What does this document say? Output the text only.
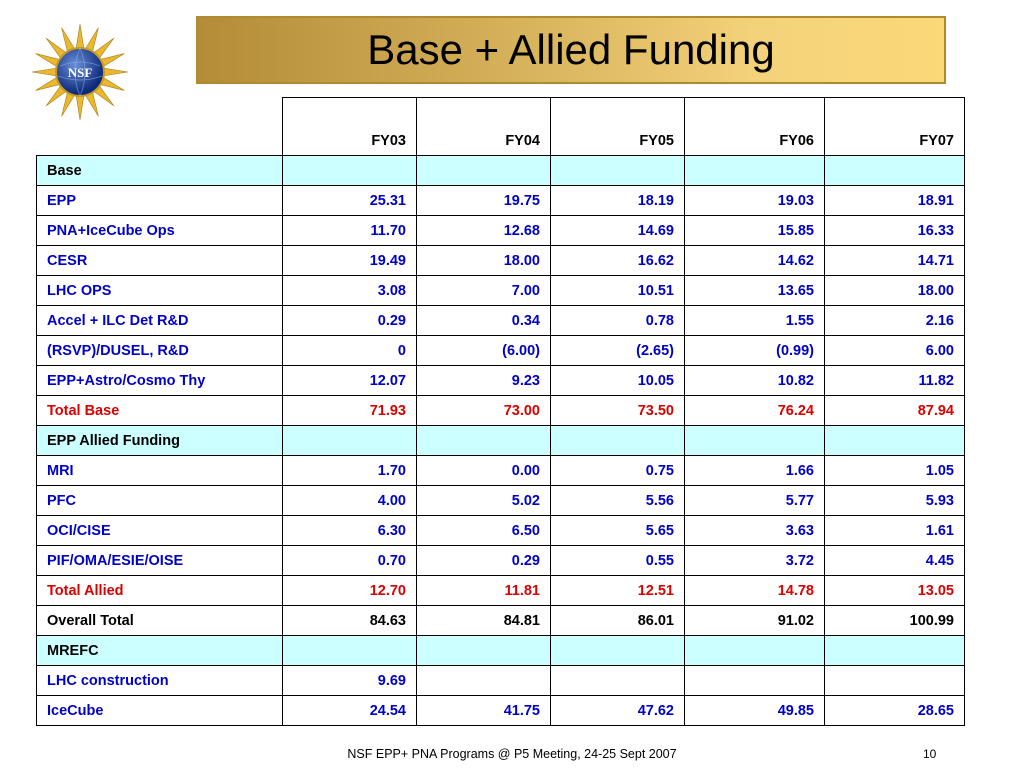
NSF	Base + Allied Funding
	FY03	FY04	FY05	FY06	FY07
Base					
EPP	25.31	19.75	18.19	19.03	18.91
PNA+IceCube Ops	11.70	12.68	14.69	15.85	16.33
CESR	19.49	18.00	16.62	14.62	14.71
LHC OPS	3.08	7.00	10.51	13.65	18.00
Accel + ILC Det R&D	0.29	0.34	0.78	1.55	2.16
(RSVP)/DUSEL, R&D	0	(6.00)	(2.65)	(0.99)	6.00
EPP+Astro/Cosmo Thy	12.07	9.23	10.05	10.82	11.82
Total Base	71.93	73.00	73.50	76.24	87.94
EPP Allied Funding					
MRI	1.70	0.00	0.75	1.66	1.05
PFC	4.00	5.02	5.56	5.77	5.93
OCI/CISE	6.30	6.50	5.65	3.63	1.61
PIF/OMA/ESIE/OISE	0.70	0.29	0.55	3.72	4.45
Total Allied	12.70	11.81	12.51	14.78	13.05
Overall Total	84.63	84.81	86.01	91.02	100.99
MREFC					
LHC construction	9.69				
IceCube	24.54	41.75	47.62	49.85	28.65
NSF EPP+ PNA Programs @ P5 Meeting, 24-25 Sept 2007	10
